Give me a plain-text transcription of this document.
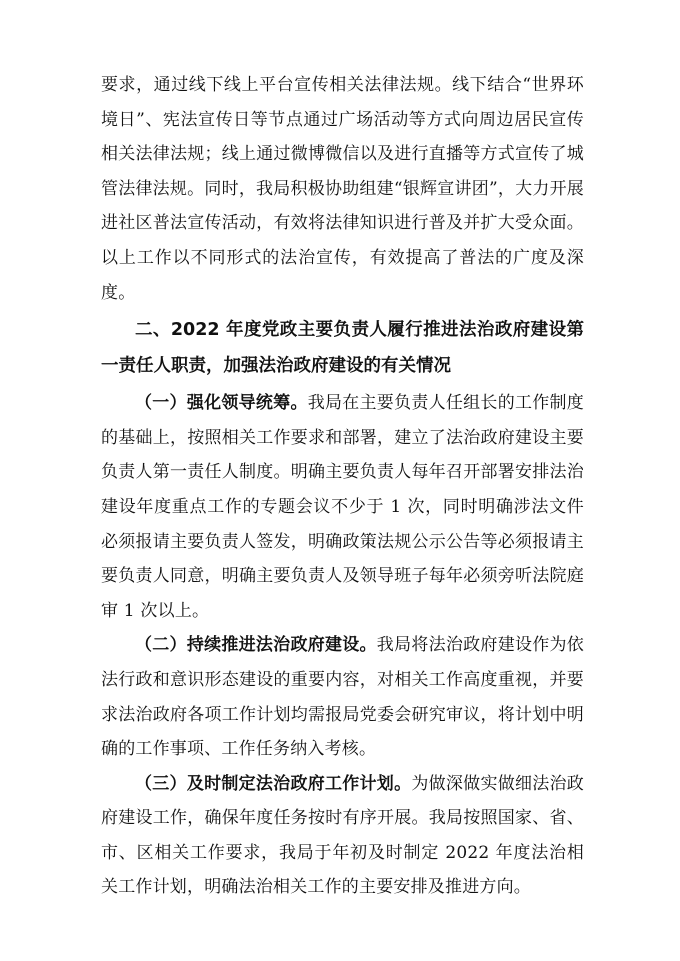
要求，通过线下线上平台宣传相关法律法规。线下结合“世界环境日”、宪法宣传日等节点通过广场活动等方式向周边居民宣传相关法律法规；线上通过微博微信以及进行直播等方式宣传了城管法律法规。同时，我局积极协助组建“银辉宣讲团”，大力开展进社区普法宣传活动，有效将法律知识进行普及并扩大受众面。以上工作以不同形式的法治宣传，有效提高了普法的广度及深度。

二、2022 年度党政主要负责人履行推进法治政府建设第一责任人职责，加强法治政府建设的有关情况

（一）强化领导统筹。我局在主要负责人任组长的工作制度的基础上，按照相关工作要求和部署，建立了法治政府建设主要负责人第一责任人制度。明确主要负责人每年召开部署安排法治建设年度重点工作的专题会议不少于 1 次，同时明确涉法文件必须报请主要负责人签发，明确政策法规公示公告等必须报请主要负责人同意，明确主要负责人及领导班子每年必须旁听法院庭审 1 次以上。

（二）持续推进法治政府建设。我局将法治政府建设作为依法行政和意识形态建设的重要内容，对相关工作高度重视，并要求法治政府各项工作计划均需报局党委会研究审议，将计划中明确的工作事项、工作任务纳入考核。

（三）及时制定法治政府工作计划。为做深做实做细法治政府建设工作，确保年度任务按时有序开展。我局按照国家、省、市、区相关工作要求，我局于年初及时制定 2022 年度法治相关工作计划，明确法治相关工作的主要安排及推进方向。
